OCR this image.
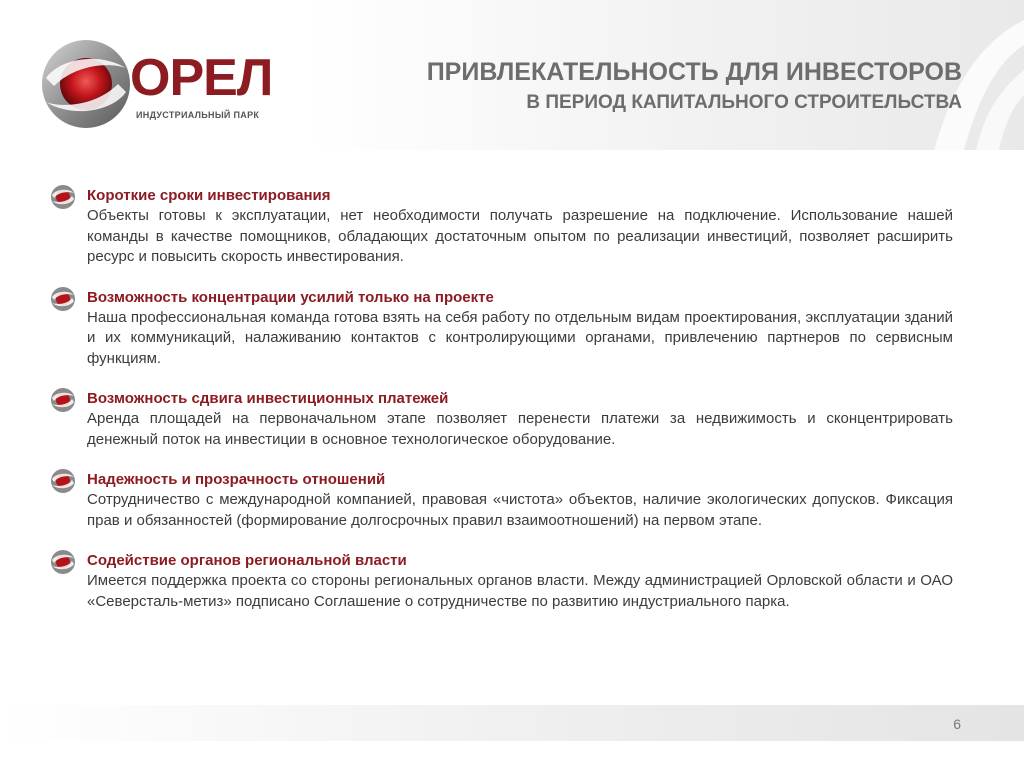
ОРЕЛ
ИНДУСТРИАЛЬНЫЙ ПАРК
ПРИВЛЕКАТЕЛЬНОСТЬ ДЛЯ ИНВЕСТОРОВ
В ПЕРИОД КАПИТАЛЬНОГО СТРОИТЕЛЬСТВА
Короткие сроки инвестирования
Объекты готовы к эксплуатации, нет необходимости получать разрешение на подключение. Использование нашей команды в качестве помощников, обладающих достаточным опытом по реализации инвестиций, позволяет расширить ресурс и повысить скорость инвестирования.
Возможность концентрации усилий только на проекте
Наша профессиональная команда готова взять на себя работу по отдельным видам проектирования, эксплуатации зданий и их коммуникаций, налаживанию контактов с контролирующими органами, привлечению партнеров по сервисным функциям.
Возможность сдвига инвестиционных платежей
Аренда площадей на первоначальном этапе позволяет перенести платежи за недвижимость и сконцентрировать денежный поток на инвестиции в основное технологическое оборудование.
Надежность и прозрачность отношений
Сотрудничество с международной компанией, правовая «чистота» объектов, наличие экологических допусков. Фиксация прав и обязанностей (формирование долгосрочных правил взаимоотношений) на первом этапе.
Содействие органов региональной власти
Имеется поддержка проекта со стороны региональных органов власти. Между администрацией Орловской области и ОАО «Северсталь-метиз» подписано Соглашение о сотрудничестве по развитию индустриального парка.
6
